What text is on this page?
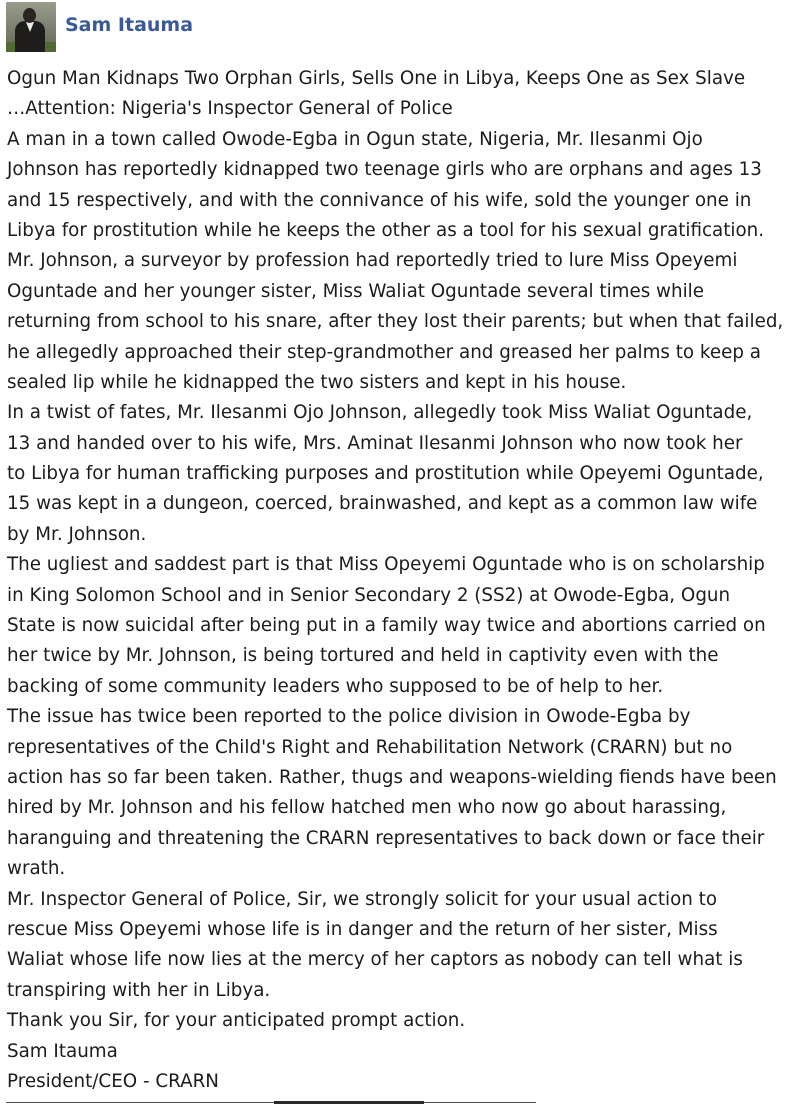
Sam Itauma
Ogun Man Kidnaps Two Orphan Girls, Sells One in Libya, Keeps One as Sex Slave
…Attention: Nigeria's Inspector General of Police
A man in a town called Owode-Egba in Ogun state, Nigeria, Mr. Ilesanmi Ojo
Johnson has reportedly kidnapped two teenage girls who are orphans and ages 13
and 15 respectively, and with the connivance of his wife, sold the younger one in
Libya for prostitution while he keeps the other as a tool for his sexual gratification.
Mr. Johnson, a surveyor by profession had reportedly tried to lure Miss Opeyemi
Oguntade and her younger sister, Miss Waliat Oguntade several times while
returning from school to his snare, after they lost their parents; but when that failed,
he allegedly approached their step-grandmother and greased her palms to keep a
sealed lip while he kidnapped the two sisters and kept in his house.
In a twist of fates, Mr. Ilesanmi Ojo Johnson, allegedly took Miss Waliat Oguntade,
13 and handed over to his wife, Mrs. Aminat Ilesanmi Johnson who now took her
to Libya for human trafficking purposes and prostitution while Opeyemi Oguntade,
15 was kept in a dungeon, coerced, brainwashed, and kept as a common law wife
by Mr. Johnson.
The ugliest and saddest part is that Miss Opeyemi Oguntade who is on scholarship
in King Solomon School and in Senior Secondary 2 (SS2) at Owode-Egba, Ogun
State is now suicidal after being put in a family way twice and abortions carried on
her twice by Mr. Johnson, is being tortured and held in captivity even with the
backing of some community leaders who supposed to be of help to her.
The issue has twice been reported to the police division in Owode-Egba by
representatives of the Child's Right and Rehabilitation Network (CRARN) but no
action has so far been taken. Rather, thugs and weapons-wielding fiends have been
hired by Mr. Johnson and his fellow hatched men who now go about harassing,
haranguing and threatening the CRARN representatives to back down or face their
wrath.
Mr. Inspector General of Police, Sir, we strongly solicit for your usual action to
rescue Miss Opeyemi whose life is in danger and the return of her sister, Miss
Waliat whose life now lies at the mercy of her captors as nobody can tell what is
transpiring with her in Libya.
Thank you Sir, for your anticipated prompt action.
Sam Itauma
President/CEO - CRARN
